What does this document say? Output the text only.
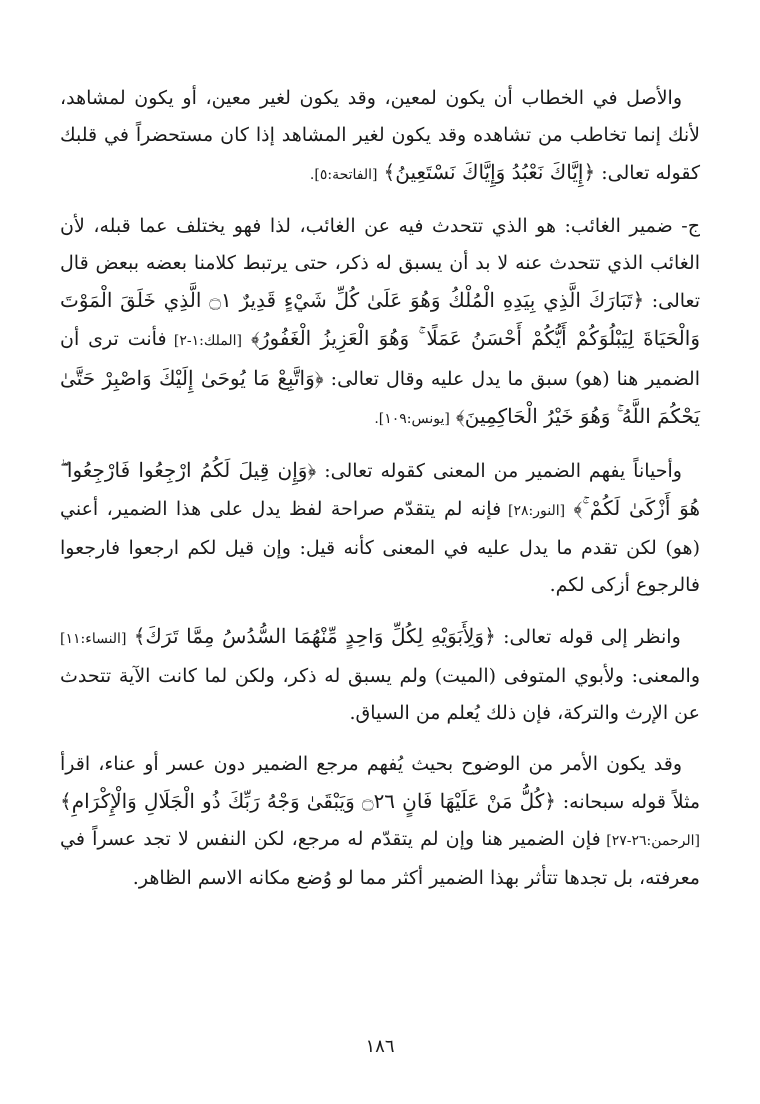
والأصل في الخطاب أن يكون لمعين، وقد يكون لغير معين، أو يكون لمشاهد، لأنك إنما تخاطب من تشاهده وقد يكون لغير المشاهد إذا كان مستحضراً في قلبك كقوله تعالى: ﴿إِيَّاكَ نَعْبُدُ وَإِيَّاكَ نَسْتَعِينُ﴾ [الفاتحة:٥].

ج- ضمير الغائب: هو الذي تتحدث فيه عن الغائب، لذا فهو يختلف عما قبله، لأن الغائب الذي تتحدث عنه لا بد أن يسبق له ذكر، حتى يرتبط كلامنا بعضه ببعض قال تعالى: ﴿تَبَارَكَ الَّذِي بِيَدِهِ الْمُلْكُ وَهُوَ عَلَىٰ كُلِّ شَيْءٍ قَدِيرٌ ۝١ الَّذِي خَلَقَ الْمَوْتَ وَالْحَيَاةَ لِيَبْلُوَكُمْ أَيُّكُمْ أَحْسَنُ عَمَلًا ۚ وَهُوَ الْعَزِيزُ الْغَفُورُ﴾ [الملك:١-٢] فأنت ترى أن الضمير هنا (هو) سبق ما يدل عليه وقال تعالى: ﴿وَاتَّبِعْ مَا يُوحَىٰ إِلَيْكَ وَاصْبِرْ حَتَّىٰ يَحْكُمَ اللَّهُ ۚ وَهُوَ خَيْرُ الْحَاكِمِينَ﴾ [يونس:١٠٩].

وأحياناً يفهم الضمير من المعنى كقوله تعالى: ﴿وَإِن قِيلَ لَكُمُ ارْجِعُوا فَارْجِعُوا ۖ هُوَ أَزْكَىٰ لَكُمْ ۚ﴾ [النور:٢٨] فإنه لم يتقدّم صراحة لفظ يدل على هذا الضمير، أعني (هو) لكن تقدم ما يدل عليه في المعنى كأنه قيل: وإن قيل لكم ارجعوا فارجعوا فالرجوع أزكى لكم.

وانظر إلى قوله تعالى: ﴿وَلِأَبَوَيْهِ لِكُلِّ وَاحِدٍ مِّنْهُمَا السُّدُسُ مِمَّا تَرَكَ﴾ [النساء:١١] والمعنى: ولأبوي المتوفى (الميت) ولم يسبق له ذكر، ولكن لما كانت الآية تتحدث عن الإرث والتركة، فإن ذلك يُعلم من السياق.

وقد يكون الأمر من الوضوح بحيث يُفهم مرجع الضمير دون عسر أو عناء، اقرأ مثلاً قوله سبحانه: ﴿كُلُّ مَنْ عَلَيْهَا فَانٍ ۝٢٦ وَيَبْقَىٰ وَجْهُ رَبِّكَ ذُو الْجَلَالِ وَالْإِكْرَامِ﴾ [الرحمن:٢٦-٢٧] فإن الضمير هنا وإن لم يتقدّم له مرجع، لكن النفس لا تجد عسراً في معرفته، بل تجدها تتأثر بهذا الضمير أكثر مما لو وُضع مكانه الاسم الظاهر.

١٨٦
